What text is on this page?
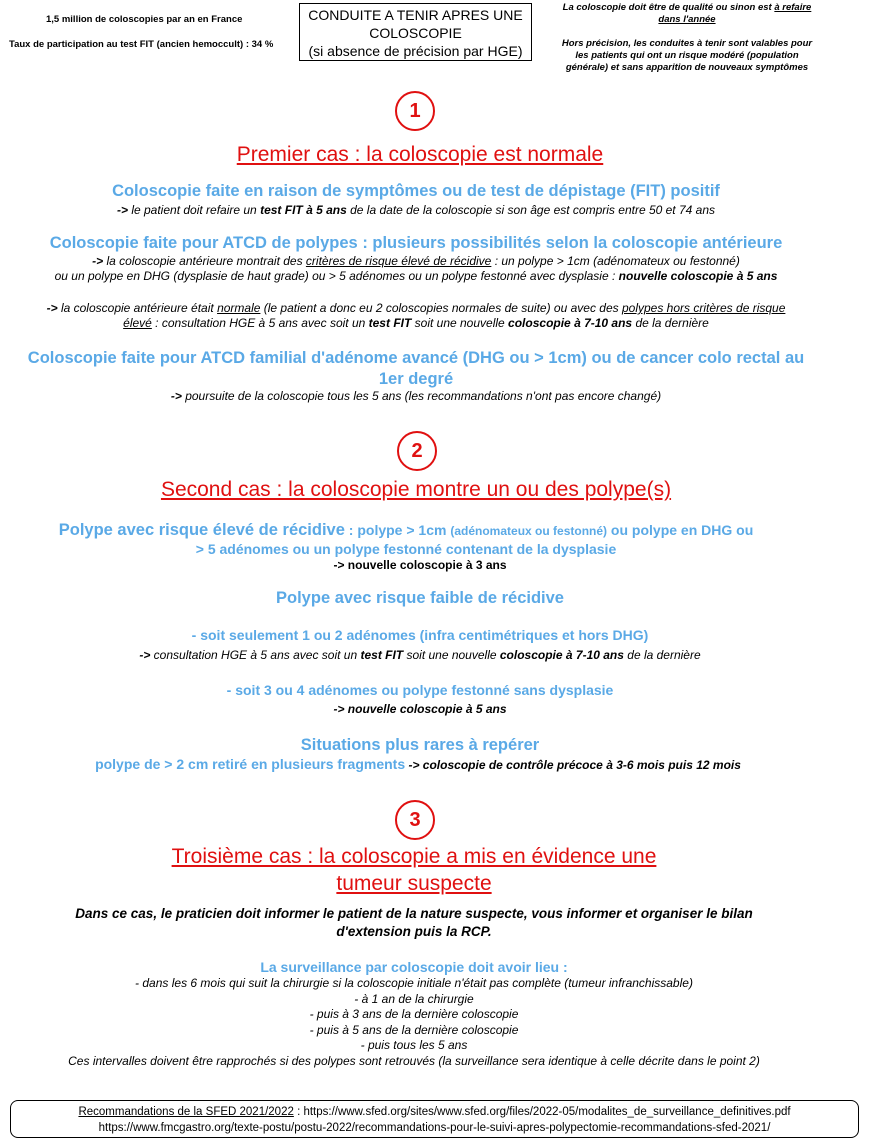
1,5 million de coloscopies par an en France
Taux de participation au test FIT (ancien hemoccult) : 34 %
CONDUITE A TENIR APRES UNE
COLOSCOPIE
(si absence de précision par HGE)
La coloscopie doit être de qualité ou sinon est à refaire
dans l'année
Hors précision, les conduites à tenir sont valables pour
les patients qui ont un risque modéré (population
générale) et sans apparition de nouveaux symptômes
1
Premier cas : la coloscopie est normale
Coloscopie faite en raison de symptômes ou de test de dépistage (FIT) positif
-> le patient doit refaire un test FIT à 5 ans de la date de la coloscopie si son âge est compris entre 50 et 74 ans
Coloscopie faite pour ATCD de polypes : plusieurs possibilités selon la coloscopie antérieure
-> la coloscopie antérieure montrait des critères de risque élevé de récidive : un polype > 1cm (adénomateux ou festonné)
ou un polype en DHG (dysplasie de haut grade) ou > 5 adénomes ou un polype festonné avec dysplasie : nouvelle coloscopie à 5 ans
-> la coloscopie antérieure était normale (le patient a donc eu 2 coloscopies normales de suite) ou avec des polypes hors critères de risque
élevé : consultation HGE à 5 ans avec soit un test FIT soit une nouvelle coloscopie à 7-10 ans de la dernière
Coloscopie faite pour ATCD familial d'adénome avancé (DHG ou > 1cm) ou de cancer colo rectal au
1er degré
-> poursuite de la coloscopie tous les 5 ans (les recommandations n'ont pas encore changé)
2
Second cas : la coloscopie montre un ou des polype(s)
Polype avec risque élevé de récidive : polype > 1cm (adénomateux ou festonné) ou polype en DHG ou
> 5 adénomes ou un polype festonné contenant de la dysplasie
-> nouvelle coloscopie à 3 ans
Polype avec risque faible de récidive
- soit seulement 1 ou 2 adénomes (infra centimétriques et hors DHG)
-> consultation HGE à 5 ans avec soit un test FIT soit une nouvelle coloscopie à 7-10 ans de la dernière
- soit 3 ou 4 adénomes ou polype festonné sans dysplasie
-> nouvelle coloscopie à 5 ans
Situations plus rares à repérer
polype de > 2 cm retiré en plusieurs fragments -> coloscopie de contrôle précoce à 3-6 mois puis 12 mois
3
Troisième cas : la coloscopie a mis en évidence une
tumeur suspecte
Dans ce cas, le praticien doit informer le patient de la nature suspecte, vous informer et organiser le bilan
d'extension puis la RCP.
La surveillance par coloscopie doit avoir lieu :
- dans les 6 mois qui suit la chirurgie si la coloscopie initiale n'était pas complète (tumeur infranchissable)
- à 1 an de la chirurgie
- puis à 3 ans de la dernière coloscopie
- puis à 5 ans de la dernière coloscopie
- puis tous les 5 ans
Ces intervalles doivent être rapprochés si des polypes sont retrouvés (la surveillance sera identique à celle décrite dans le point 2)
Recommandations de la SFED 2021/2022 : https://www.sfed.org/sites/www.sfed.org/files/2022-05/modalites_de_surveillance_definitives.pdf
https://www.fmcgastro.org/texte-postu/postu-2022/recommandations-pour-le-suivi-apres-polypectomie-recommandations-sfed-2021/
